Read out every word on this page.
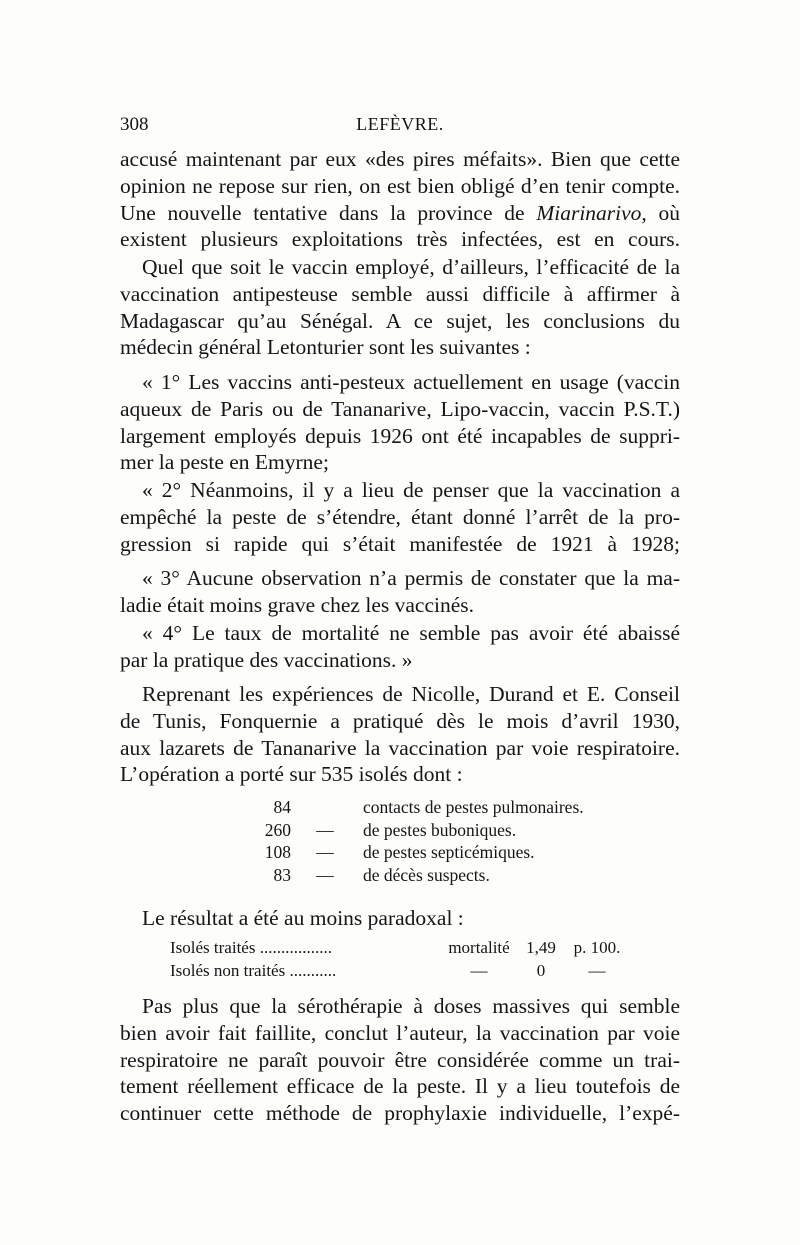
308	LEFÈVRE.
accusé maintenant par eux «des pires méfaits». Bien que cette
opinion ne repose sur rien, on est bien obligé d’en tenir compte.
Une nouvelle tentative dans la province de Miarinarivo, où
existent plusieurs exploitations très infectées, est en cours.
Quel que soit le vaccin employé, d’ailleurs, l’efficacité de la
vaccination antipesteuse semble aussi difficile à affirmer à
Madagascar qu’au Sénégal. A ce sujet, les conclusions du
médecin général Letonturier sont les suivantes :
« 1° Les vaccins anti-pesteux actuellement en usage (vaccin
aqueux de Paris ou de Tananarive, Lipo-vaccin, vaccin P.S.T.)
largement employés depuis 1926 ont été incapables de suppri-
mer la peste en Emyrne;
« 2° Néanmoins, il y a lieu de penser que la vaccination a
empêché la peste de s’étendre, étant donné l’arrêt de la pro-
gression si rapide qui s’était manifestée de 1921 à 1928;
« 3° Aucune observation n’a permis de constater que la ma-
ladie était moins grave chez les vaccinés.
« 4° Le taux de mortalité ne semble pas avoir été abaissé
par la pratique des vaccinations. »
Reprenant les expériences de Nicolle, Durand et E. Conseil
de Tunis, Fonquernie a pratiqué dès le mois d’avril 1930,
aux lazarets de Tananarive la vaccination par voie respiratoire.
L’opération a porté sur 535 isolés dont :
84		contacts de pestes pulmonaires.
260	—	de pestes buboniques.
108	—	de pestes septicémiques.
83	—	de décès suspects.
Le résultat a été au moins paradoxal :
Isolés traités .................	mortalité	1,49	p. 100.
Isolés non traités ...........	—	0	—
Pas plus que la sérothérapie à doses massives qui semble
bien avoir fait faillite, conclut l’auteur, la vaccination par voie
respiratoire ne paraît pouvoir être considérée comme un trai-
tement réellement efficace de la peste. Il y a lieu toutefois de
continuer cette méthode de prophylaxie individuelle, l’expé-
